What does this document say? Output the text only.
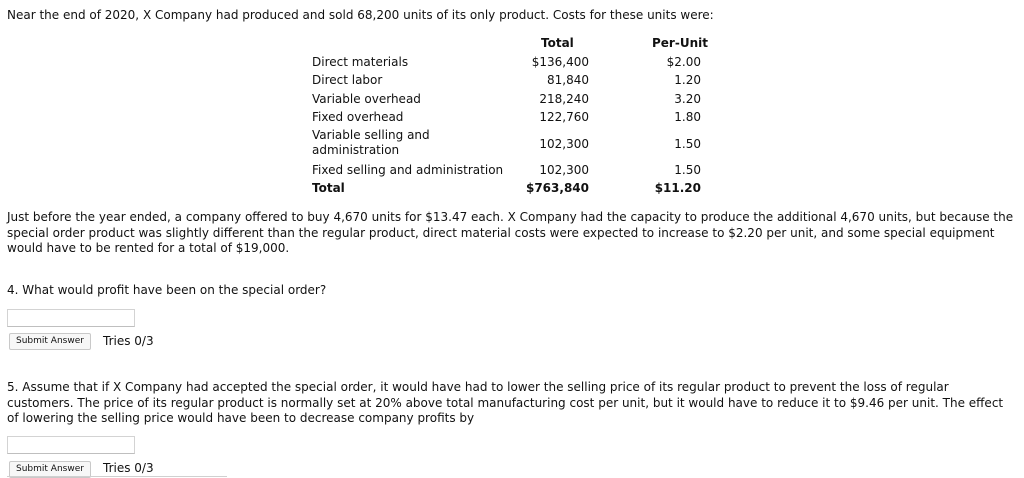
Near the end of 2020, X Company had produced and sold 68,200 units of its only product. Costs for these units were:
Total	Per-Unit
Direct materials	$136,400	$2.00
Direct labor	81,840	1.20
Variable overhead	218,240	3.20
Fixed overhead	122,760	1.80
Variable selling and administration	102,300	1.50
Fixed selling and administration	102,300	1.50
Total	$763,840	$11.20
Just before the year ended, a company offered to buy 4,670 units for $13.47 each. X Company had the capacity to produce the additional 4,670 units, but because the special order product was slightly different than the regular product, direct material costs were expected to increase to $2.20 per unit, and some special equipment would have to be rented for a total of $19,000.
4. What would profit have been on the special order?
Submit Answer	Tries 0/3
5. Assume that if X Company had accepted the special order, it would have had to lower the selling price of its regular product to prevent the loss of regular customers. The price of its regular product is normally set at 20% above total manufacturing cost per unit, but it would have to reduce it to $9.46 per unit. The effect of lowering the selling price would have been to decrease company profits by
Submit Answer	Tries 0/3
